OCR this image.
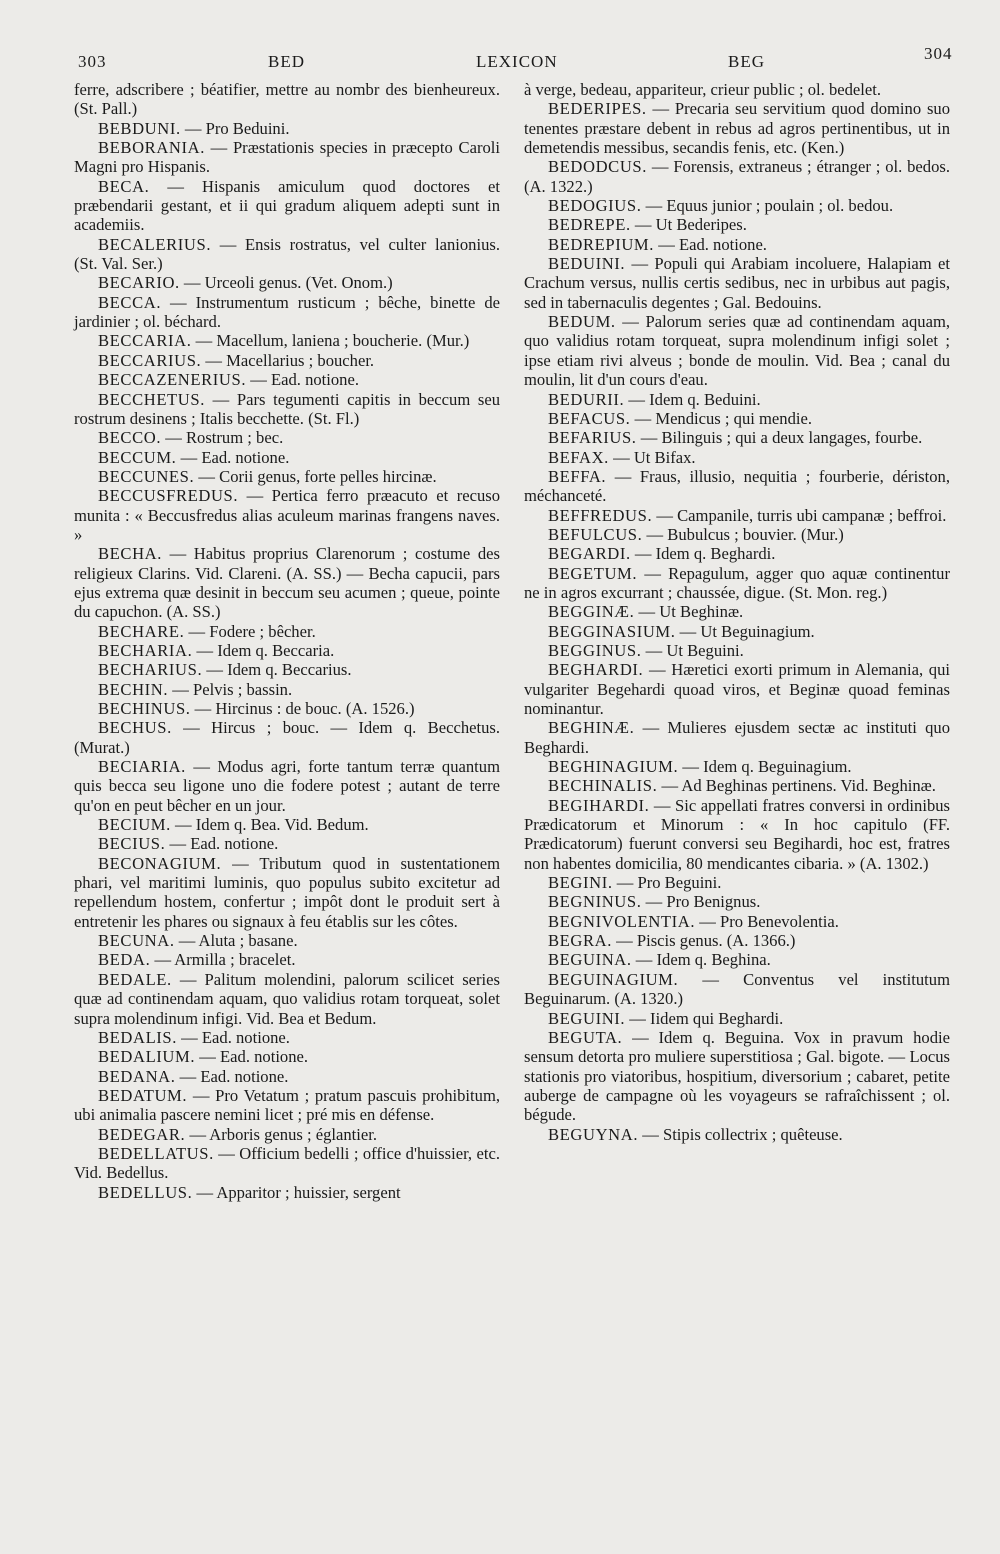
303	BED	LEXICON	BEG	304

ferre, adscribere ; béatifier, mettre au nombr des bienheureux. (St. Pall.)

BEBDUNI. — Pro Beduini.

BEBORANIA. — Præstationis species in præcepto Caroli Magni pro Hispanis.

BECA. — Hispanis amiculum quod doctores et præbendarii gestant, et ii qui gradum aliquem adepti sunt in academiis.

BECALERIUS. — Ensis rostratus, vel culter lanionius. (St. Val. Ser.)

BECARIO. — Urceoli genus. (Vet. Onom.)

BECCA. — Instrumentum rusticum ; bêche, binette de jardinier ; ol. béchard.

BECCARIA. — Macellum, laniena ; boucherie. (Mur.)

BECCARIUS. — Macellarius ; boucher.

BECCAZENERIUS. — Ead. notione.

BECCHETUS. — Pars tegumenti capitis in beccum seu rostrum desinens ; Italis becchette. (St. Fl.)

BECCO. — Rostrum ; bec.

BECCUM. — Ead. notione.

BECCUNES. — Corii genus, forte pelles hircinæ.

BECCUSFREDUS. — Pertica ferro præacuto et recuso munita : « Beccusfredus alias aculeum marinas frangens naves. »

BECHA. — Habitus proprius Clarenorum ; costume des religieux Clarins. Vid. Clareni. (A. SS.) — Becha capucii, pars ejus extrema quæ desinit in beccum seu acumen ; queue, pointe du capuchon. (A. SS.)

BECHARE. — Fodere ; bêcher.

BECHARIA. — Idem q. Beccaria.

BECHARIUS. — Idem q. Beccarius.

BECHIN. — Pelvis ; bassin.

BECHINUS. — Hircinus : de bouc. (A. 1526.)

BECHUS. — Hircus ; bouc. — Idem q. Becchetus. (Murat.)

BECIARIA. — Modus agri, forte tantum terræ quantum quis becca seu ligone uno die fodere potest ; autant de terre qu'on en peut bêcher en un jour.

BECIUM. — Idem q. Bea. Vid. Bedum.

BECIUS. — Ead. notione.

BECONAGIUM. — Tributum quod in sustentationem phari, vel maritimi luminis, quo populus subito excitetur ad repellendum hostem, confertur ; impôt dont le produit sert à entretenir les phares ou signaux à feu établis sur les côtes.

BECUNA. — Aluta ; basane.

BEDA. — Armilla ; bracelet.

BEDALE. — Palitum molendini, palorum scilicet series quæ ad continendam aquam, quo validius rotam torqueat, solet supra molendinum infigi. Vid. Bea et Bedum.

BEDALIS. — Ead. notione.

BEDALIUM. — Ead. notione.

BEDANA. — Ead. notione.

BEDATUM. — Pro Vetatum ; pratum pascuis prohibitum, ubi animalia pascere nemini licet ; pré mis en défense.

BEDEGAR. — Arboris genus ; églantier.

BEDELLATUS. — Officium bedelli ; office d'huissier, etc. Vid. Bedellus.

BEDELLUS. — Apparitor ; huissier, sergent

à verge, bedeau, appariteur, crieur public ; ol. bedelet.

BEDERIPES. — Precaria seu servitium quod domino suo tenentes præstare debent in rebus ad agros pertinentibus, ut in demetendis messibus, secandis fenis, etc. (Ken.)

BEDODCUS. — Forensis, extraneus ; étranger ; ol. bedos. (A. 1322.)

BEDOGIUS. — Equus junior ; poulain ; ol. bedou.

BEDREPE. — Ut Bederipes.

BEDREPIUM. — Ead. notione.

BEDUINI. — Populi qui Arabiam incoluere, Halapiam et Crachum versus, nullis certis sedibus, nec in urbibus aut pagis, sed in tabernaculis degentes ; Gal. Bedouins.

BEDUM. — Palorum series quæ ad continendam aquam, quo validius rotam torqueat, supra molendinum infigi solet ; ipse etiam rivi alveus ; bonde de moulin. Vid. Bea ; canal du moulin, lit d'un cours d'eau.

BEDURII. — Idem q. Beduini.

BEFACUS. — Mendicus ; qui mendie.

BEFARIUS. — Bilinguis ; qui a deux langages, fourbe.

BEFAX. — Ut Bifax.

BEFFA. — Fraus, illusio, nequitia ; fourberie, dériston, méchanceté.

BEFFREDUS. — Campanile, turris ubi campanæ ; beffroi.

BEFULCUS. — Bubulcus ; bouvier. (Mur.)

BEGARDI. — Idem q. Beghardi.

BEGETUM. — Repagulum, agger quo aquæ continentur ne in agros excurrant ; chaussée, digue. (St. Mon. reg.)

BEGGINÆ. — Ut Beghinæ.

BEGGINASIUM. — Ut Beguinagium.

BEGGINUS. — Ut Beguini.

BEGHARDI. — Hæretici exorti primum in Alemania, qui vulgariter Begehardi quoad viros, et Beginæ quoad feminas nominantur.

BEGHINÆ. — Mulieres ejusdem sectæ ac instituti quo Beghardi.

BEGHINAGIUM. — Idem q. Beguinagium.

BECHINALIS. — Ad Beghinas pertinens. Vid. Beghinæ.

BEGIHARDI. — Sic appellati fratres conversi in ordinibus Prædicatorum et Minorum : « In hoc capitulo (FF. Prædicatorum) fuerunt conversi seu Begihardi, hoc est, fratres non habentes domicilia, 80 mendicantes cibaria. » (A. 1302.)

BEGINI. — Pro Beguini.

BEGNINUS. — Pro Benignus.

BEGNIVOLENTIA. — Pro Benevolentia.

BEGRA. — Piscis genus. (A. 1366.)

BEGUINA. — Idem q. Beghina.

BEGUINAGIUM. — Conventus vel institutum Beguinarum. (A. 1320.)

BEGUINI. — Iidem qui Beghardi.

BEGUTA. — Idem q. Beguina. Vox in pravum hodie sensum detorta pro muliere superstitiosa ; Gal. bigote. — Locus stationis pro viatoribus, hospitium, diversorium ; cabaret, petite auberge de campagne où les voyageurs se rafraîchissent ; ol. bégude.

BEGUYNA. — Stipis collectrix ; quêteuse.
